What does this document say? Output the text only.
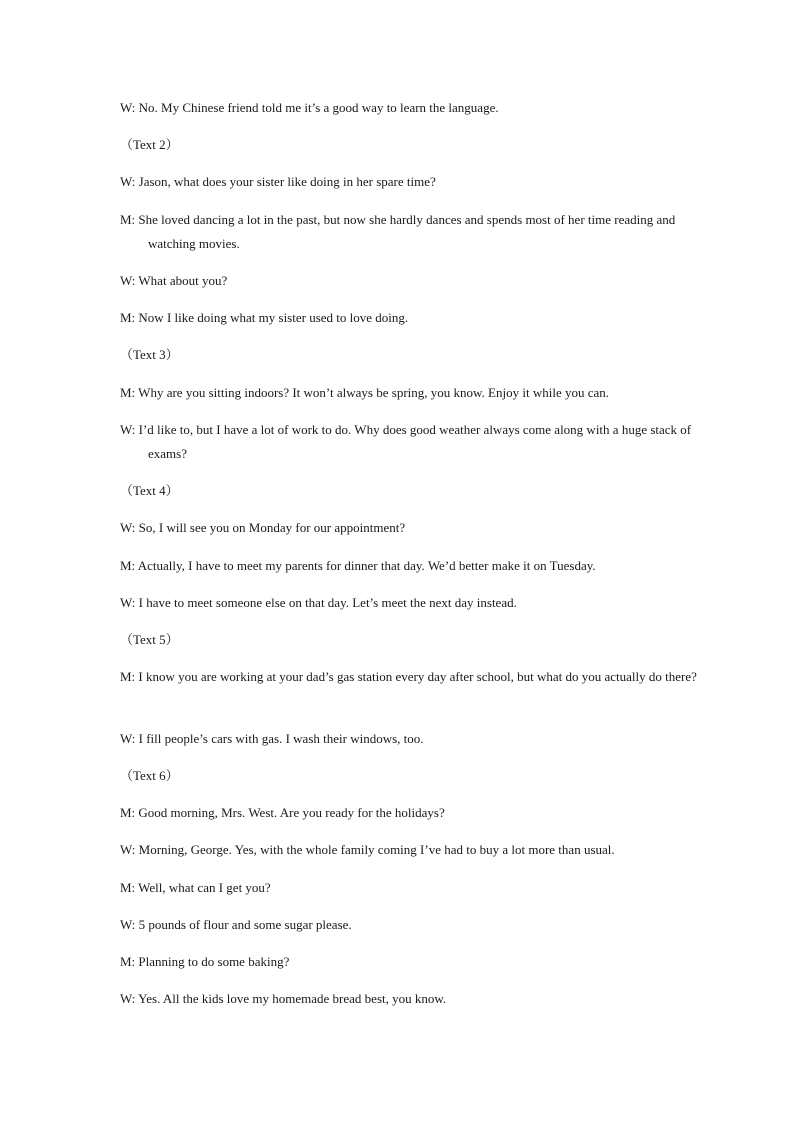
W: No. My Chinese friend told me it’s a good way to learn the language.
（Text 2）
W: Jason, what does your sister like doing in her spare time?
M: She loved dancing a lot in the past, but now she hardly dances and spends most of her time reading and watching movies.
W: What about you?
M: Now I like doing what my sister used to love doing.
（Text 3）
M: Why are you sitting indoors? It won’t always be spring, you know. Enjoy it while you can.
W: I’d like to, but I have a lot of work to do. Why does good weather always come along with a huge stack of exams?
（Text 4）
W: So, I will see you on Monday for our appointment?
M: Actually, I have to meet my parents for dinner that day. We’d better make it on Tuesday.
W: I have to meet someone else on that day. Let’s meet the next day instead.
（Text 5）
M: I know you are working at your dad’s gas station every day after school, but what do you actually do there?
W: I fill people’s cars with gas. I wash their windows, too.
（Text 6）
M: Good morning, Mrs. West. Are you ready for the holidays?
W: Morning, George. Yes, with the whole family coming I’ve had to buy a lot more than usual.
M: Well, what can I get you?
W: 5 pounds of flour and some sugar please.
M: Planning to do some baking?
W: Yes. All the kids love my homemade bread best, you know.
